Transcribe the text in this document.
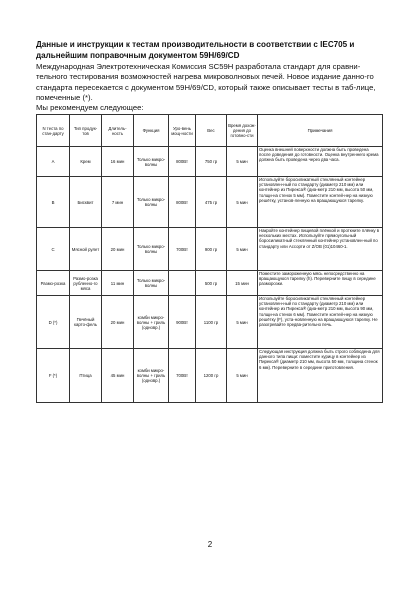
Данные и инструкции к тестам производительности в соответствии с IEC705 и дальнейшим поправочным документом 59H/69/CD

Международная Электротехническая Комиссия SC59H разработала стандарт для сравни-тельного тестирования возможностей нагрева микроволновых печей. Новое издание данно-го стандарта пересекается с документом 59H/69/CD, который также описывает тесты в таб-лице, помеченные (*).

Мы рекомендуем следующее:

N теста по стан-дарту	Тип продук-тов	Длитель-ность	Функция	Уро-вень мощ-ности	Вес	Время дохож-дения до готовно-сти	Примечания
A	Крем	16 мин	Только микро-волны	800Вт	750 гр	5 мин	Оценка внешней поверхности должна быть проведена после доведения до готовности. Оценка внутреннего крема должна быть проведена через два часа.
B	Бисквит	7 мин	Только микро-волны	800Вт	475 гр	5 мин	Используйте боросиликатный стеклянный контейнер установлен-ный по стандарту (диаметр 210 мм) или контейнер из Пирекса® (диа-метр 210 мм, высота 50 мм, толщи-на стенок 5 мм). Поместите контей-нер на низкую решётку, установ-ленную на вращающуюся тарелку.
C	Мясной рулет	20 мин	Только микро-волны	700Вт	900 гр	5 мин	Накройте контейнер пищевой плёнкой и проткните плёнку в нескольких местах. Используйте прямоугольный боросиликатный стеклянный контейнер установлен-ный по стандарту или Ассорти от Z/OB (01)10460-1.
Размо-розка	Размо-розка рубленно-го мяса	11 мин	Только микро-волны		500 гр	15 мин	Поместите замороженную мясь непосредственно на вращающуюся тарелку (h). Переверните пищу в середине разморозки.
D (*)	Печёный карто-фель	20 мин	комби микро-волны + гриль (одновр.)	900Вт	1100 гр	5 мин	Используйте боросиликатный стеклянный контейнер установлен-ный по стандарту (диаметр 210 мм) или контейнер из Пирекса® (диа-метр 210 мм, высота 90 мм, толщи-на стенок 6 мм). Поместите контей-нер на низкую решётку (F), уста-новленную на вращающуюся тарелку. Не разогревайте предва-рительно печь.
F (*)	Птица	45 мин	комби микро-волны + гриль (одновр.)	700Вт	1200 гр	5 мин	Следующая инструкция должна быть строго соблюдена для данного типа пищи: поместите курицу в контейнер из Пирекса® (диаметр 210 мм, высота 50 мм, толщина стенок 6 мм). Переверните в середине приготовления.
2
